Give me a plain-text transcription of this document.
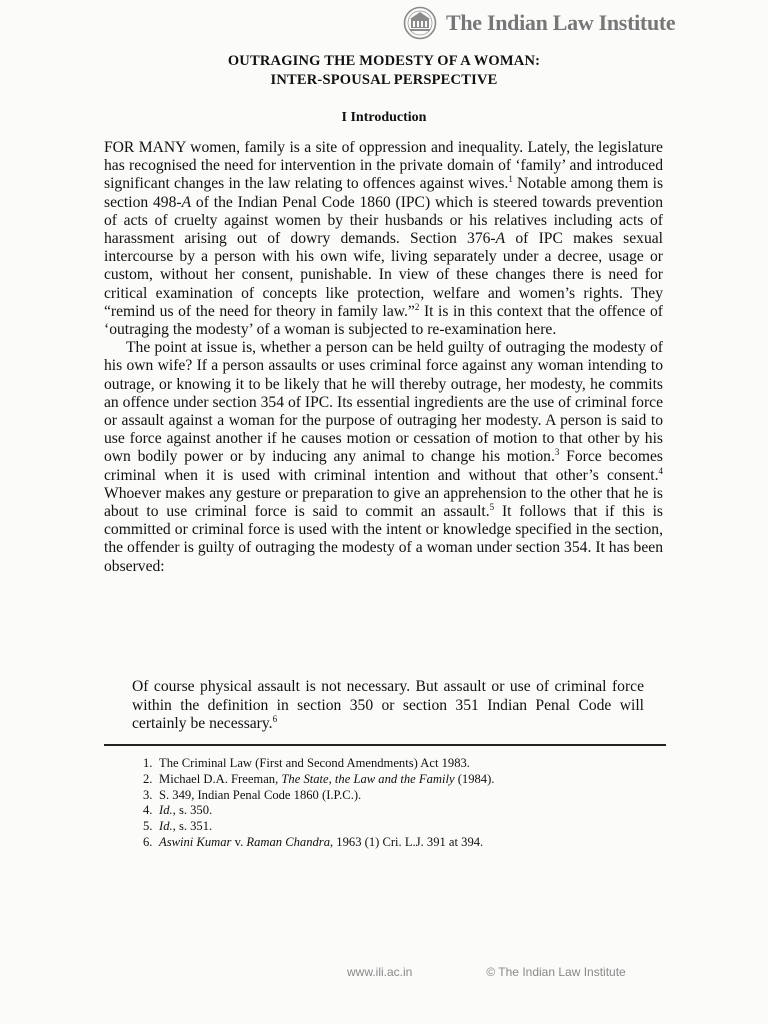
The Indian Law Institute
OUTRAGING THE MODESTY OF A WOMAN:
INTER-SPOUSAL PERSPECTIVE
I Introduction

FOR MANY women, family is a site of oppression and inequality. Lately, the legislature has recognised the need for intervention in the private domain of ‘family’ and introduced significant changes in the law relating to offences against wives.$^1$ Notable among them is section 498-A of the Indian Penal Code 1860 (IPC) which is steered towards prevention of acts of cruelty against women by their husbands or his relatives including acts of harassment arising out of dowry demands. Section 376-A of IPC makes sexual intercourse by a person with his own wife, living separately under a decree, usage or custom, without her consent, punishable. In view of these changes there is need for critical examination of concepts like protection, welfare and women’s rights. They “remind us of the need for theory in family law.”$^2$ It is in this context that the offence of ‘outraging the modesty’ of a woman is subjected to re-examination here.

The point at issue is, whether a person can be held guilty of outraging the modesty of his own wife? If a person assaults or uses criminal force against any woman intending to outrage, or knowing it to be likely that he will thereby outrage, her modesty, he commits an offence under section 354 of IPC. Its essential ingredients are the use of criminal force or assault against a woman for the purpose of outraging her modesty. A person is said to use force against another if he causes motion or cessation of motion to that other by his own bodily power or by inducing any animal to change his motion.$^3$ Force becomes criminal when it is used with criminal intention and without that other’s consent.$^4$ Whoever makes any gesture or preparation to give an apprehension to the other that he is about to use criminal force is said to commit an assault.$^5$ It follows that if this is committed or criminal force is used with the intent or knowledge specified in the section, the offender is guilty of outraging the modesty of a woman under section 354. It has been observed:

Of course physical assault is not necessary. But assault or use of criminal force within the definition in section 350 or section 351 Indian Penal Code will certainly be necessary.$^6$

1. The Criminal Law (First and Second Amendments) Act 1983.
2. Michael D.A. Freeman, The State, the Law and the Family (1984).
3. S. 349, Indian Penal Code 1860 (I.P.C.).
4. Id., s. 350.
5. Id., s. 351.
6. Aswini Kumar v. Raman Chandra, 1963 (1) Cri. L.J. 391 at 394.
www.ili.ac.in	© The Indian Law Institute
